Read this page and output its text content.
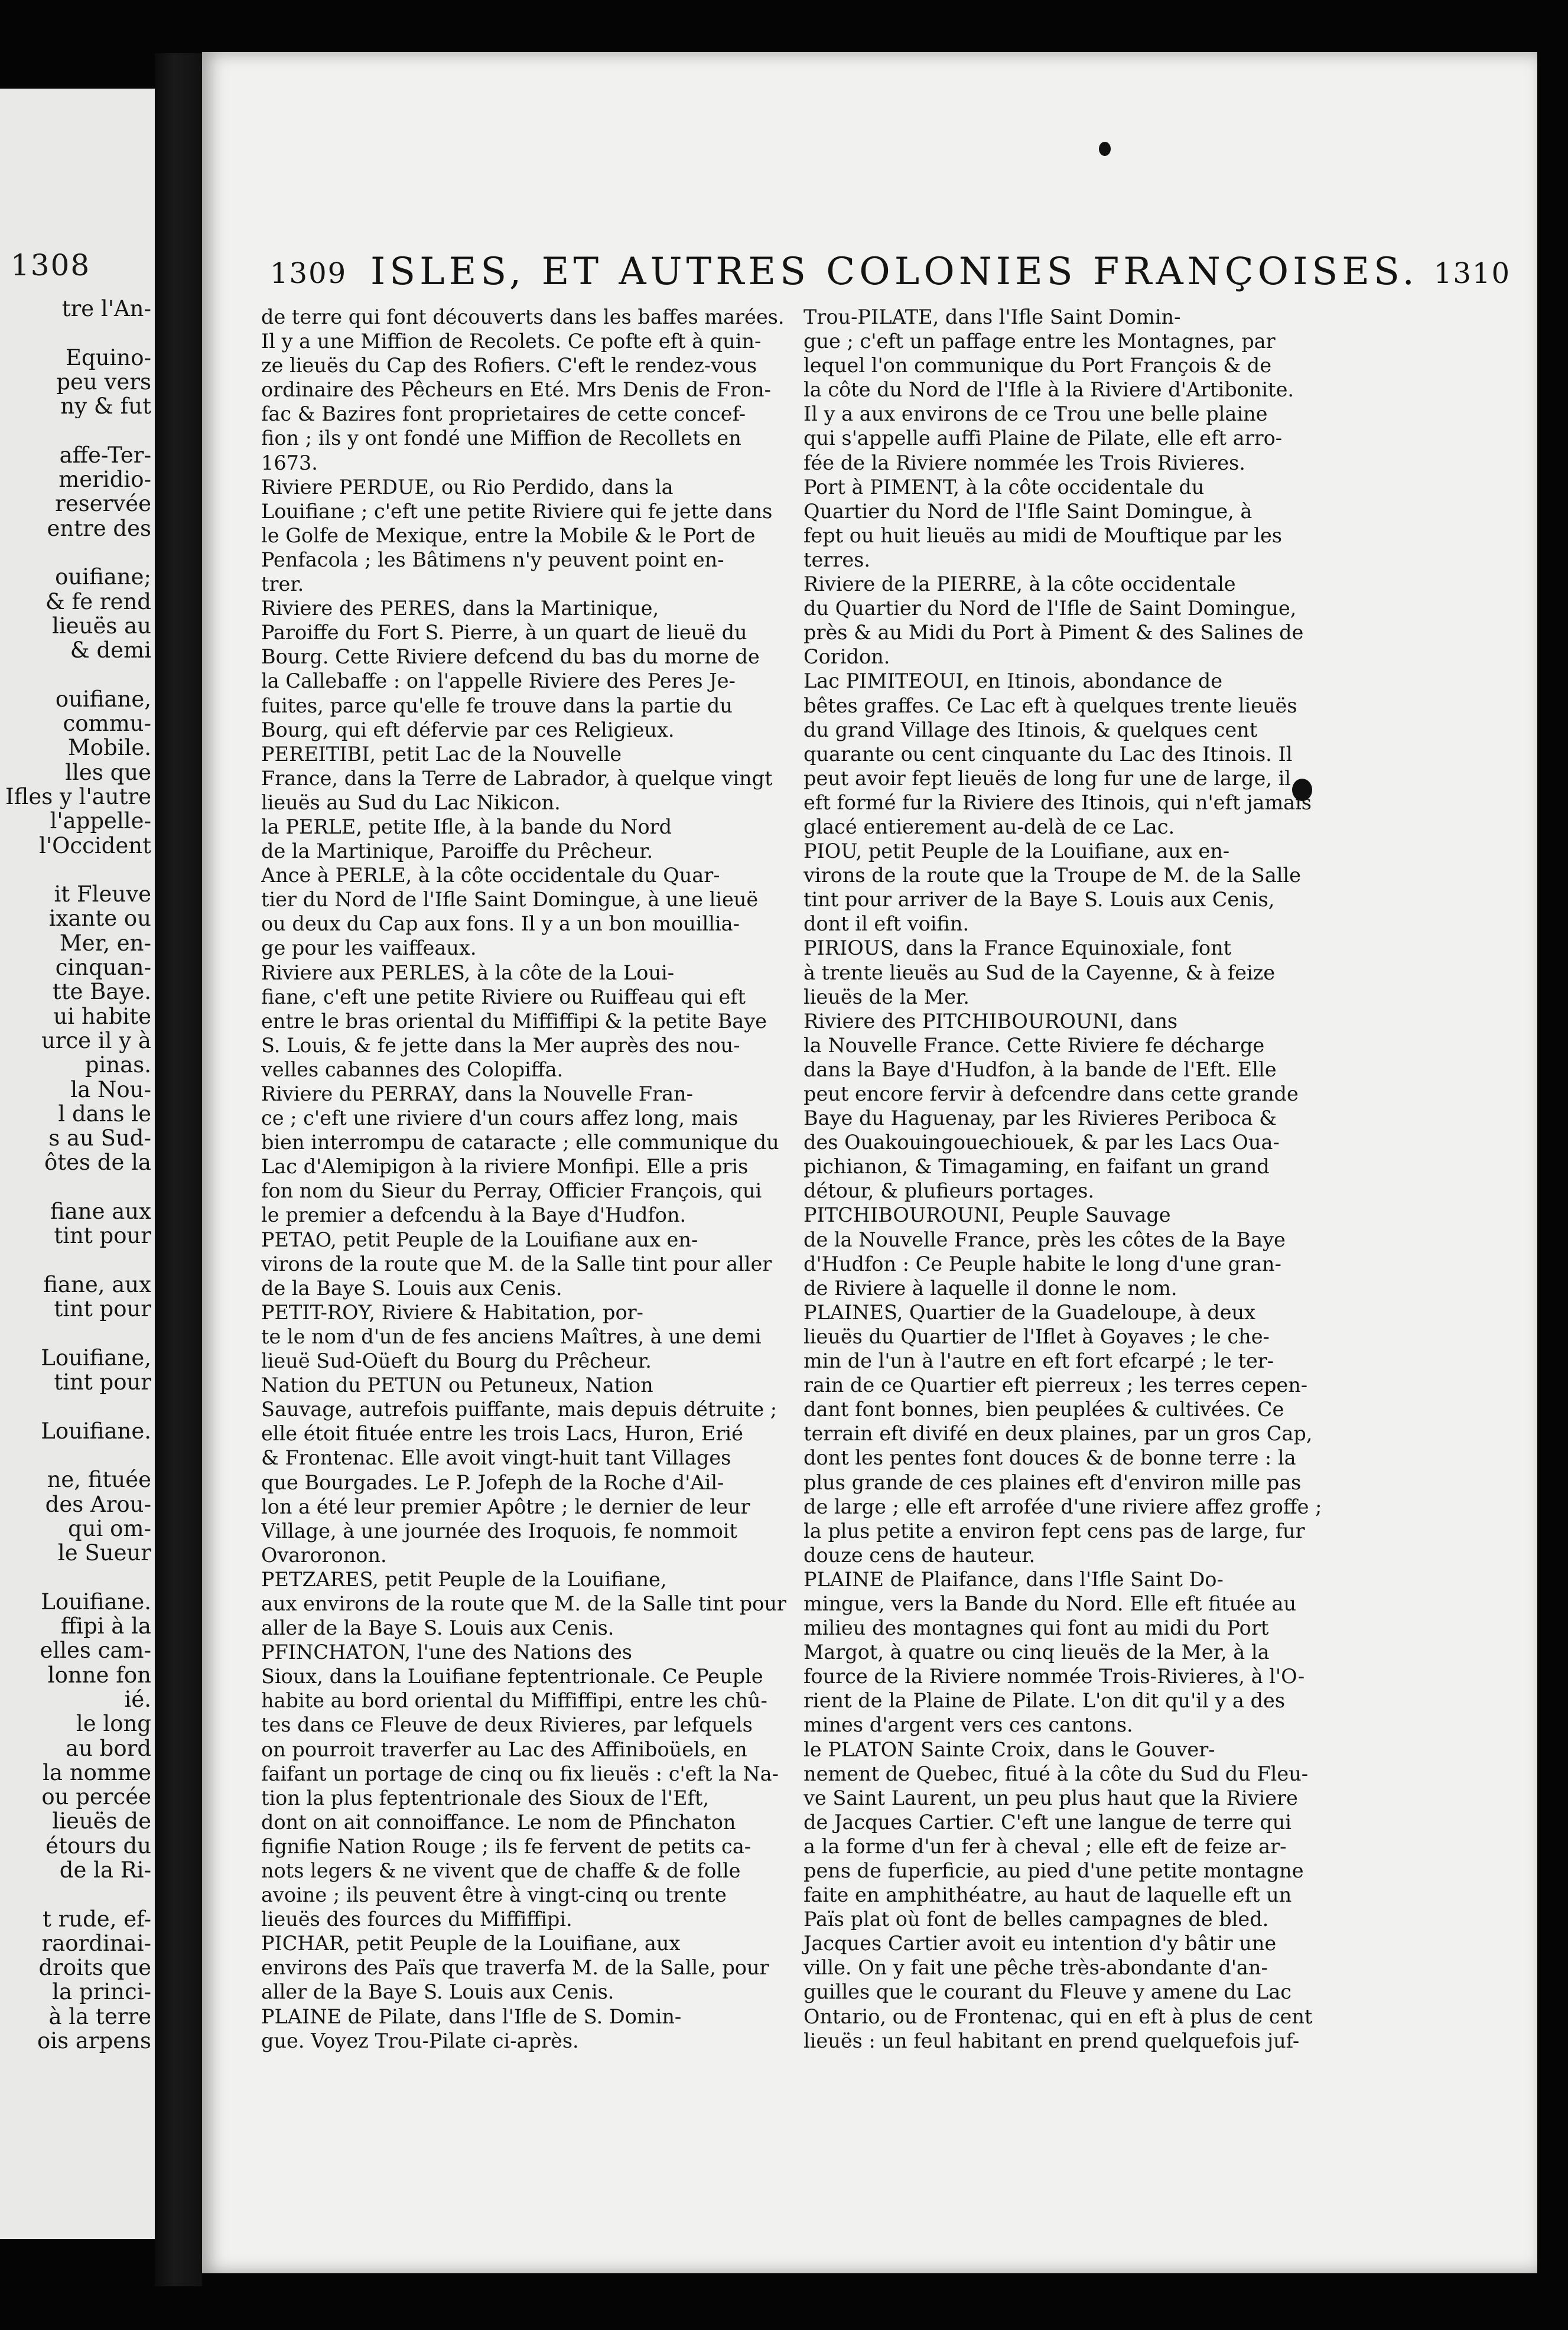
1308
tre l'An-
Equino-
peu vers
ny & fut
affe-Ter-
meridio-
reservée
entre des
ouifiane;
& fe rend
lieuës au
& demi
ouifiane,
commu-
Mobile.
lles que
Ifles y l'autre
l'appelle-
l'Occident
it Fleuve
ixante ou
Mer, en-
cinquan-
tte Baye.
ui habite
urce il y à
pinas.
la Nou-
l dans le
s au Sud-
ôtes de la
fiane aux
tint pour
fiane, aux
tint pour
Louifiane,
tint pour
Louifiane.
ne, fituée
des Arou-
qui om-
le Sueur
Louifiane.
ffipi à la
elles cam-
lonne fon
ié.
le long
au bord
la nomme
ou percée
lieuës de
étours du
de la Ri-
t rude, ef-
raordinai-
droits que
la princi-
à la terre
ois arpens
1309 ISLES, ET AUTRES COLONIES FRANÇOISES. 1310
de terre qui font découverts dans les baffes marées.
Il y a une Miffion de Recolets. Ce pofte eft à quin-
ze lieuës du Cap des Rofiers. C'eft le rendez-vous
ordinaire des Pêcheurs en Eté. Mrs Denis de Fron-
fac & Bazires font proprietaires de cette concef-
fion ; ils y ont fondé une Miffion de Recollets en
1673.
Riviere PERDUE, ou Rio Perdido, dans la
Louifiane ; c'eft une petite Riviere qui fe jette dans
le Golfe de Mexique, entre la Mobile & le Port de
Penfacola ; les Bâtimens n'y peuvent point en-
trer.
Riviere des PERES, dans la Martinique,
Paroiffe du Fort S. Pierre, à un quart de lieuë du
Bourg. Cette Riviere defcend du bas du morne de
la Callebaffe : on l'appelle Riviere des Peres Je-
fuites, parce qu'elle fe trouve dans la partie du
Bourg, qui eft défervie par ces Religieux.
PEREITIBI, petit Lac de la Nouvelle
France, dans la Terre de Labrador, à quelque vingt
lieuës au Sud du Lac Nikicon.
la PERLE, petite Ifle, à la bande du Nord
de la Martinique, Paroiffe du Prêcheur.
Ance à PERLE, à la côte occidentale du Quar-
tier du Nord de l'Ifle Saint Domingue, à une lieuë
ou deux du Cap aux fons. Il y a un bon mouillia-
ge pour les vaiffeaux.
Riviere aux PERLES, à la côte de la Loui-
fiane, c'eft une petite Riviere ou Ruiffeau qui eft
entre le bras oriental du Miffiffipi & la petite Baye
S. Louis, & fe jette dans la Mer auprès des nou-
velles cabannes des Colopiffa.
Riviere du PERRAY, dans la Nouvelle Fran-
ce ; c'eft une riviere d'un cours affez long, mais
bien interrompu de cataracte ; elle communique du
Lac d'Alemipigon à la riviere Monfipi. Elle a pris
fon nom du Sieur du Perray, Officier François, qui
le premier a defcendu à la Baye d'Hudfon.
PETAO, petit Peuple de la Louifiane aux en-
virons de la route que M. de la Salle tint pour aller
de la Baye S. Louis aux Cenis.
PETIT-ROY, Riviere & Habitation, por-
te le nom d'un de fes anciens Maîtres, à une demi
lieuë Sud-Oüeft du Bourg du Prêcheur.
Nation du PETUN ou Petuneux, Nation
Sauvage, autrefois puiffante, mais depuis détruite ;
elle étoit fituée entre les trois Lacs, Huron, Erié
& Frontenac. Elle avoit vingt-huit tant Villages
que Bourgades. Le P. Jofeph de la Roche d'Ail-
lon a été leur premier Apôtre ; le dernier de leur
Village, à une journée des Iroquois, fe nommoit
Ovaroronon.
PETZARES, petit Peuple de la Louifiane,
aux environs de la route que M. de la Salle tint pour
aller de la Baye S. Louis aux Cenis.
PFINCHATON, l'une des Nations des
Sioux, dans la Louifiane feptentrionale. Ce Peuple
habite au bord oriental du Miffiffipi, entre les chû-
tes dans ce Fleuve de deux Rivieres, par lefquels
on pourroit traverfer au Lac des Affiniboüels, en
faifant un portage de cinq ou fix lieuës : c'eft la Na-
tion la plus feptentrionale des Sioux de l'Eft,
dont on ait connoiffance. Le nom de Pfinchaton
fignifie Nation Rouge ; ils fe fervent de petits ca-
nots legers & ne vivent que de chaffe & de folle
avoine ; ils peuvent être à vingt-cinq ou trente
lieuës des fources du Miffiffipi.
PICHAR, petit Peuple de la Louifiane, aux
environs des Païs que traverfa M. de la Salle, pour
aller de la Baye S. Louis aux Cenis.
PLAINE de Pilate, dans l'Ifle de S. Domin-
gue. Voyez Trou-Pilate ci-après.
Trou-PILATE, dans l'Ifle Saint Domin-
gue ; c'eft un paffage entre les Montagnes, par
lequel l'on communique du Port François & de
la côte du Nord de l'Ifle à la Riviere d'Artibonite.
Il y a aux environs de ce Trou une belle plaine
qui s'appelle auffi Plaine de Pilate, elle eft arro-
fée de la Riviere nommée les Trois Rivieres.
Port à PIMENT, à la côte occidentale du
Quartier du Nord de l'Ifle Saint Domingue, à
fept ou huit lieuës au midi de Mouftique par les
terres.
Riviere de la PIERRE, à la côte occidentale
du Quartier du Nord de l'Ifle de Saint Domingue,
près & au Midi du Port à Piment & des Salines de
Coridon.
Lac PIMITEOUI, en Itinois, abondance de
bêtes graffes. Ce Lac eft à quelques trente lieuës
du grand Village des Itinois, & quelques cent
quarante ou cent cinquante du Lac des Itinois. Il
peut avoir fept lieuës de long fur une de large, il
eft formé fur la Riviere des Itinois, qui n'eft jamais
glacé entierement au-delà de ce Lac.
PIOU, petit Peuple de la Louifiane, aux en-
virons de la route que la Troupe de M. de la Salle
tint pour arriver de la Baye S. Louis aux Cenis,
dont il eft voifin.
PIRIOUS, dans la France Equinoxiale, font
à trente lieuës au Sud de la Cayenne, & à feize
lieuës de la Mer.
Riviere des PITCHIBOUROUNI, dans
la Nouvelle France. Cette Riviere fe décharge
dans la Baye d'Hudfon, à la bande de l'Eft. Elle
peut encore fervir à defcendre dans cette grande
Baye du Haguenay, par les Rivieres Periboca &
des Ouakouingouechiouek, & par les Lacs Oua-
pichianon, & Timagaming, en faifant un grand
détour, & plufieurs portages.
PITCHIBOUROUNI, Peuple Sauvage
de la Nouvelle France, près les côtes de la Baye
d'Hudfon : Ce Peuple habite le long d'une gran-
de Riviere à laquelle il donne le nom.
PLAINES, Quartier de la Guadeloupe, à deux
lieuës du Quartier de l'Iflet à Goyaves ; le che-
min de l'un à l'autre en eft fort efcarpé ; le ter-
rain de ce Quartier eft pierreux ; les terres cepen-
dant font bonnes, bien peuplées & cultivées. Ce
terrain eft divifé en deux plaines, par un gros Cap,
dont les pentes font douces & de bonne terre : la
plus grande de ces plaines eft d'environ mille pas
de large ; elle eft arrofée d'une riviere affez groffe ;
la plus petite a environ fept cens pas de large, fur
douze cens de hauteur.
PLAINE de Plaifance, dans l'Ifle Saint Do-
mingue, vers la Bande du Nord. Elle eft fituée au
milieu des montagnes qui font au midi du Port
Margot, à quatre ou cinq lieuës de la Mer, à la
fource de la Riviere nommée Trois-Rivieres, à l'O-
rient de la Plaine de Pilate. L'on dit qu'il y a des
mines d'argent vers ces cantons.
le PLATON Sainte Croix, dans le Gouver-
nement de Quebec, fitué à la côte du Sud du Fleu-
ve Saint Laurent, un peu plus haut que la Riviere
de Jacques Cartier. C'eft une langue de terre qui
a la forme d'un fer à cheval ; elle eft de feize ar-
pens de fuperficie, au pied d'une petite montagne
faite en amphithéatre, au haut de laquelle eft un
Païs plat où font de belles campagnes de bled.
Jacques Cartier avoit eu intention d'y bâtir une
ville. On y fait une pêche très-abondante d'an-
guilles que le courant du Fleuve y amene du Lac
Ontario, ou de Frontenac, qui en eft à plus de cent
lieuës : un feul habitant en prend quelquefois juf-
